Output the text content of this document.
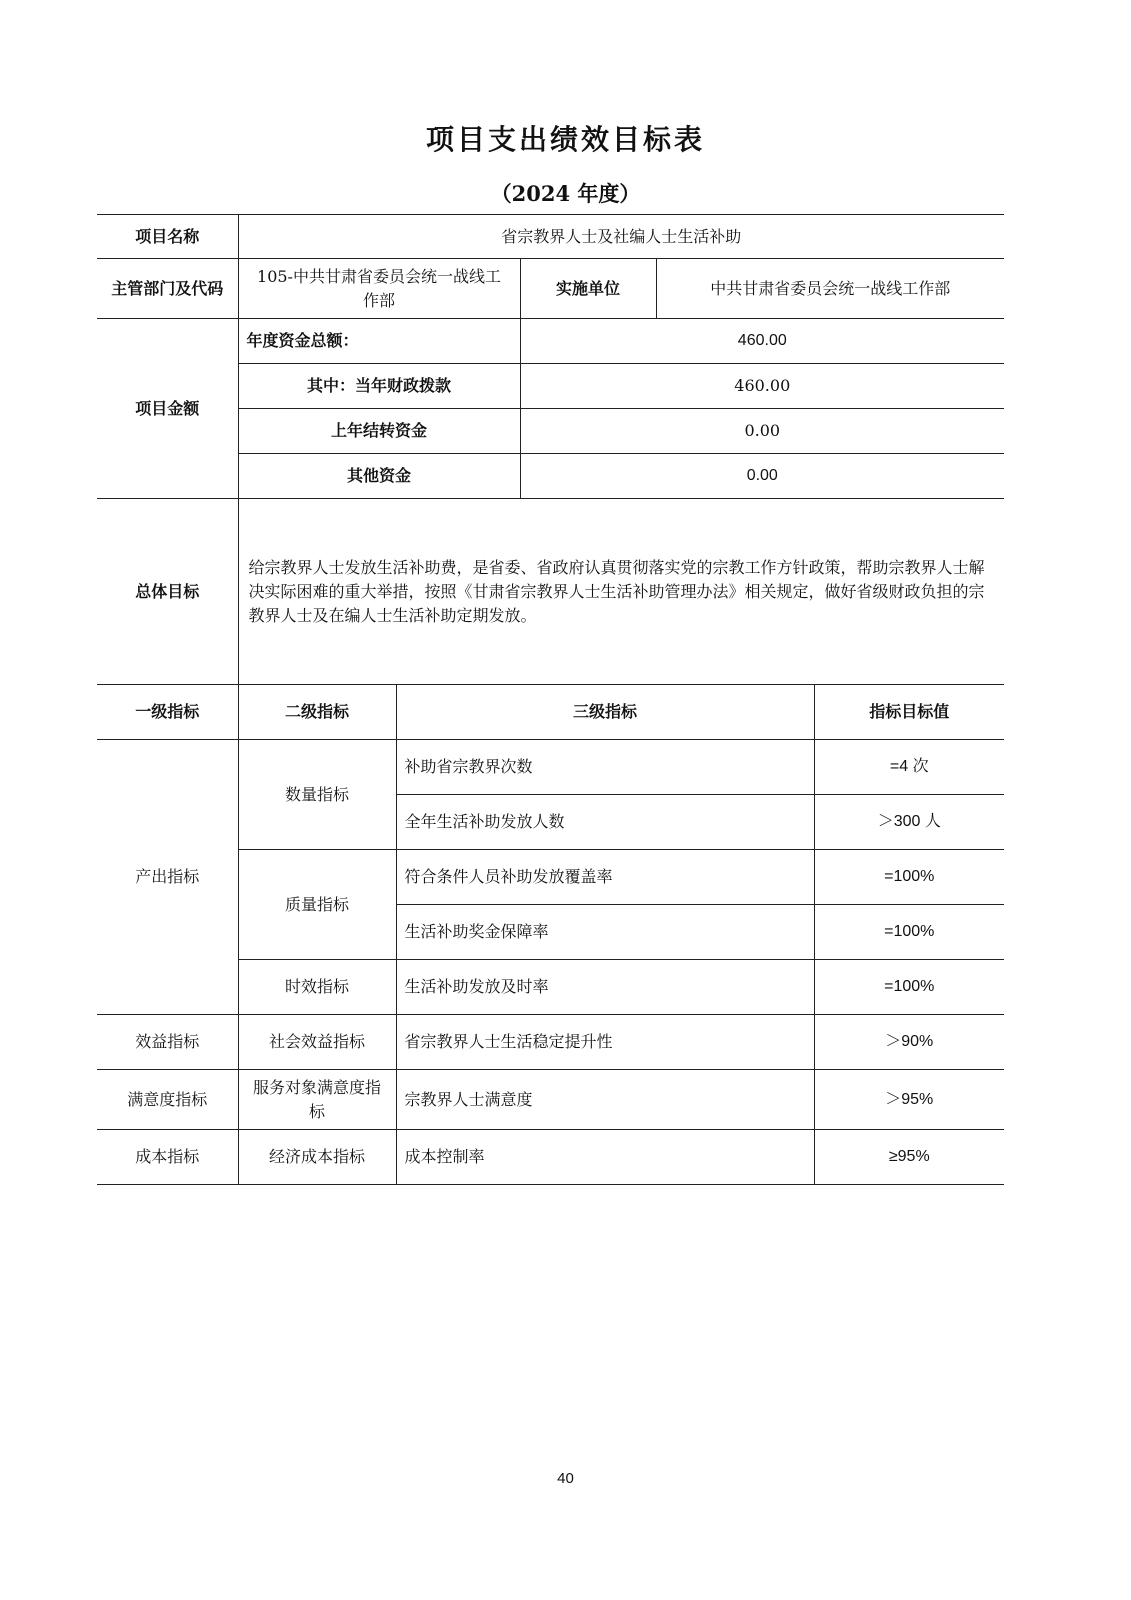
项目支出绩效目标表
（2024 年度）
项目名称	省宗教界人士及社编人士生活补助				
主管部门及代码	105-中共甘肃省委员会统一战线工作部		实施单位	中共甘肃省委员会统一战线工作部	
项目金额	年度资金总额：		460.00		
	其中：当年财政拨款		460.00		
	上年结转资金		0.00		
	其他资金		0.00		
总体目标	给宗教界人士发放生活补助费，是省委、省政府认真贯彻落实党的宗教工作方针政策，帮助宗教界人士解决实际困难的重大举措，按照《甘肃省宗教界人士生活补助管理办法》相关规定，做好省级财政负担的宗教界人士及在编人士生活补助定期发放。				
一级指标	二级指标	三级指标			指标目标值
产出指标	数量指标	补助省宗教界次数			=4 次
		全年生活补助发放人数			＞300 人
	质量指标	符合条件人员补助发放覆盖率			=100%
		生活补助奖金保障率			=100%
	时效指标	生活补助发放及时率			=100%
效益指标	社会效益指标	省宗教界人士生活稳定提升性			＞90%
满意度指标	服务对象满意度指标	宗教界人士满意度			＞95%
成本指标	经济成本指标	成本控制率			≥95%
40
